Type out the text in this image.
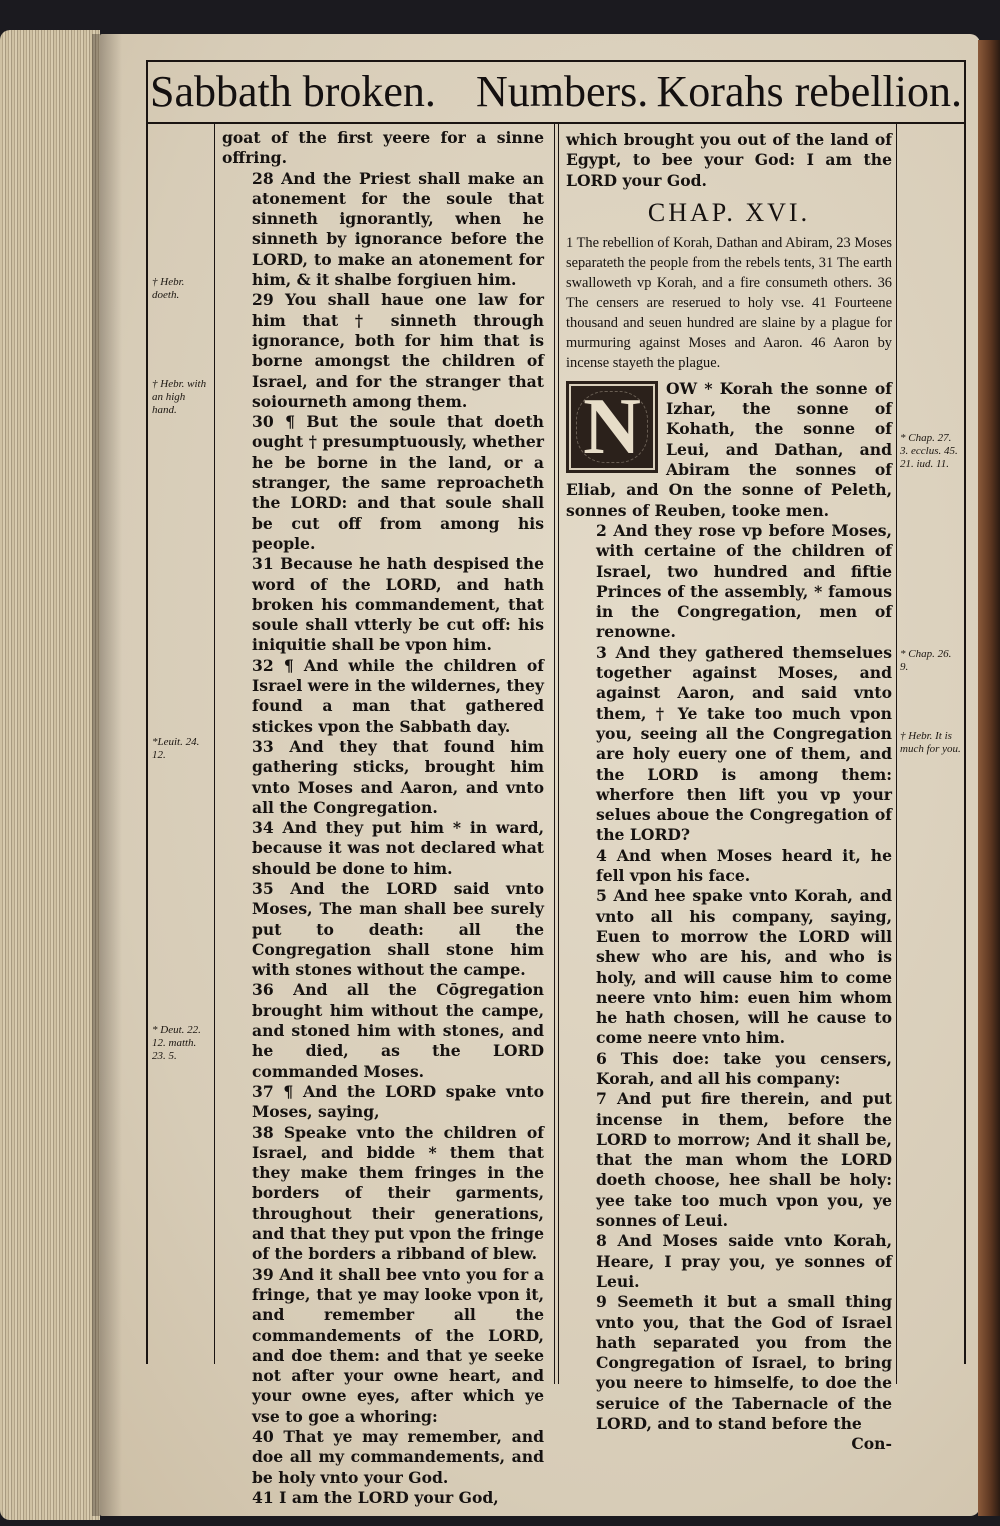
Sabbath broken. Numbers. Korahs rebellion.
† Hebr. doeth.
† Hebr. with an high hand.
*Leuit. 24. 12.
* Deut. 22. 12. matth. 23. 5.
* Chap. 27. 3. ecclus. 45. 21. iud. 11.
* Chap. 26. 9.
† Hebr. It is much for you.

goat of the first yeere for a sinne offring.

28 And the Priest shall make an atonement for the soule that sinneth ignorantly, when he sinneth by ignorance before the LORD, to make an atonement for him, & it shalbe forgiuen him.

29 You shall haue one law for him that † sinneth through ignorance, both for him that is borne amongst the children of Israel, and for the stranger that soiourneth among them.

30 ¶ But the soule that doeth ought † presumptuously, whether he be borne in the land, or a stranger, the same reproacheth the LORD: and that soule shall be cut off from among his people.

31 Because he hath despised the word of the LORD, and hath broken his commandement, that soule shall vtterly be cut off: his iniquitie shall be vpon him.

32 ¶ And while the children of Israel were in the wildernes, they found a man that gathered stickes vpon the Sabbath day.

33 And they that found him gathering sticks, brought him vnto Moses and Aaron, and vnto all the Congregation.

34 And they put him * in ward, because it was not declared what should be done to him.

35 And the LORD said vnto Moses, The man shall bee surely put to death: all the Congregation shall stone him with stones without the campe.

36 And all the Cōgregation brought him without the campe, and stoned him with stones, and he died, as the LORD commanded Moses.

37 ¶ And the LORD spake vnto Moses, saying,

38 Speake vnto the children of Israel, and bidde * them that they make them fringes in the borders of their garments, throughout their generations, and that they put vpon the fringe of the borders a ribband of blew.

39 And it shall bee vnto you for a fringe, that ye may looke vpon it, and remember all the commandements of the LORD, and doe them: and that ye seeke not after your owne heart, and your owne eyes, after which ye vse to goe a whoring:

40 That ye may remember, and doe all my commandements, and be holy vnto your God.

41 I am the LORD your God,

which brought you out of the land of Egypt, to bee your God: I am the LORD your God.

CHAP. XVI.

1 The rebellion of Korah, Dathan and Abiram, 23 Moses separateth the people from the rebels tents, 31 The earth swalloweth vp Korah, and a fire consumeth others. 36 The censers are reserued to holy vse. 41 Fourteene thousand and seuen hundred are slaine by a plague for murmuring against Moses and Aaron. 46 Aaron by incense stayeth the plague.

N	OW * Korah the sonne of Izhar, the sonne of Kohath, the sonne of Leui, and Dathan, and Abiram the sonnes of Eliab, and On the sonne of Peleth, sonnes of Reuben, tooke men.

2 And they rose vp before Moses, with certaine of the children of Israel, two hundred and fiftie Princes of the assembly, * famous in the Congregation, men of renowne.

3 And they gathered themselues together against Moses, and against Aaron, and said vnto them, † Ye take too much vpon you, seeing all the Congregation are holy euery one of them, and the LORD is among them: wherfore then lift you vp your selues aboue the Congregation of the LORD?

4 And when Moses heard it, he fell vpon his face.

5 And hee spake vnto Korah, and vnto all his company, saying, Euen to morrow the LORD will shew who are his, and who is holy, and will cause him to come neere vnto him: euen him whom he hath chosen, will he cause to come neere vnto him.

6 This doe: take you censers, Korah, and all his company:

7 And put fire therein, and put incense in them, before the LORD to morrow; And it shall be, that the man whom the LORD doeth choose, hee shall be holy: yee take too much vpon you, ye sonnes of Leui.

8 And Moses saide vnto Korah, Heare, I pray you, ye sonnes of Leui.

9 Seemeth it but a small thing vnto you, that the God of Israel hath separated you from the Congregation of Israel, to bring you neere to himselfe, to doe the seruice of the Tabernacle of the LORD, and to stand before the

Con-
